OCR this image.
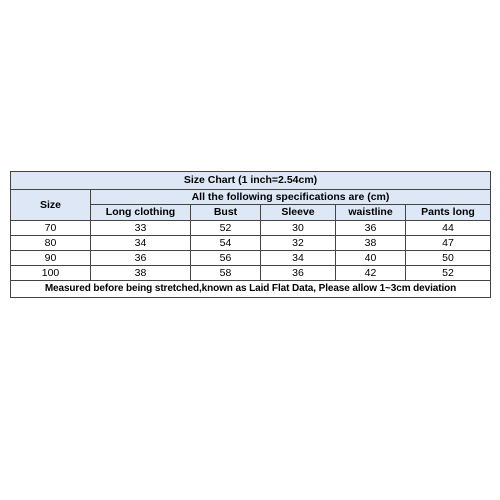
Size Chart (1 inch=2.54cm)					
Size	All the following specifications are (cm)				
	Long clothing	Bust	Sleeve	waistline	Pants long
70	33	52	30	36	44
80	34	54	32	38	47
90	36	56	34	40	50
100	38	58	36	42	52
Measured before being stretched,known as Laid Flat Data, Please allow 1~3cm deviation					
